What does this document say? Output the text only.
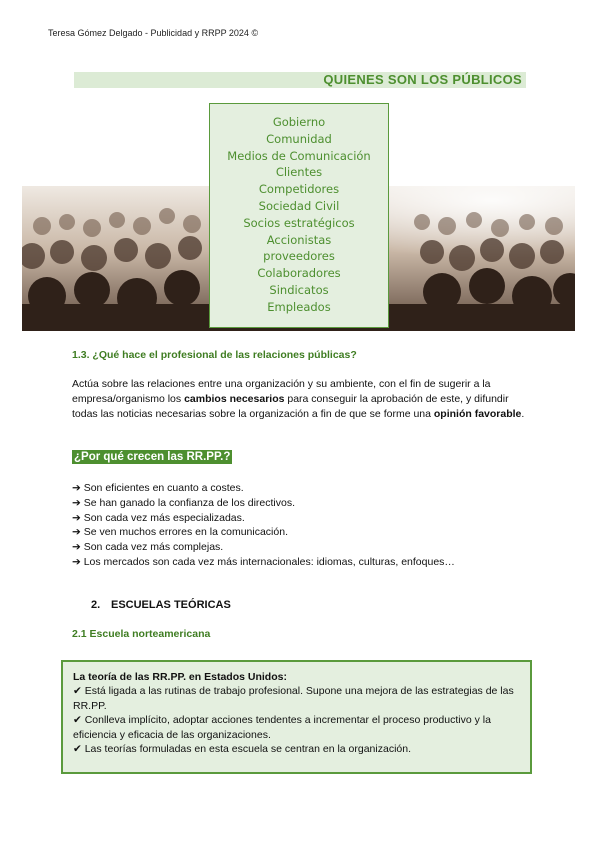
Teresa Gómez Delgado - Publicidad y RRPP 2024 ©
QUIENES SON LOS PÚBLICOS
Gobierno
Comunidad
Medios de Comunicación
Clientes
Competidores
Sociedad Civil
Socios estratégicos
Accionistas
proveedores
Colaboradores
Sindicatos
Empleados
1.3. ¿Qué hace el profesional de las relaciones públicas?
Actúa sobre las relaciones entre una organización y su ambiente, con el fin de sugerir a la empresa/organismo los cambios necesarios para conseguir la aprobación de este, y difundir todas las noticias necesarias sobre la organización a fin de que se forme una opinión favorable.
¿Por qué crecen las RR.PP.?
➔ Son eficientes en cuanto a costes.
➔ Se han ganado la confianza de los directivos.
➔ Son cada vez más especializadas.
➔ Se ven muchos errores en la comunicación.
➔ Son cada vez más complejas.
➔ Los mercados son cada vez más internacionales: idiomas, culturas, enfoques…
2. ESCUELAS TEÓRICAS
2.1 Escuela norteamericana
La teoría de las RR.PP. en Estados Unidos:
✔ Está ligada a las rutinas de trabajo profesional. Supone una mejora de las estrategias de las RR.PP.
✔ Conlleva implícito, adoptar acciones tendentes a incrementar el proceso productivo y la eficiencia y eficacia de las organizaciones.
✔ Las teorías formuladas en esta escuela se centran en la organización.
